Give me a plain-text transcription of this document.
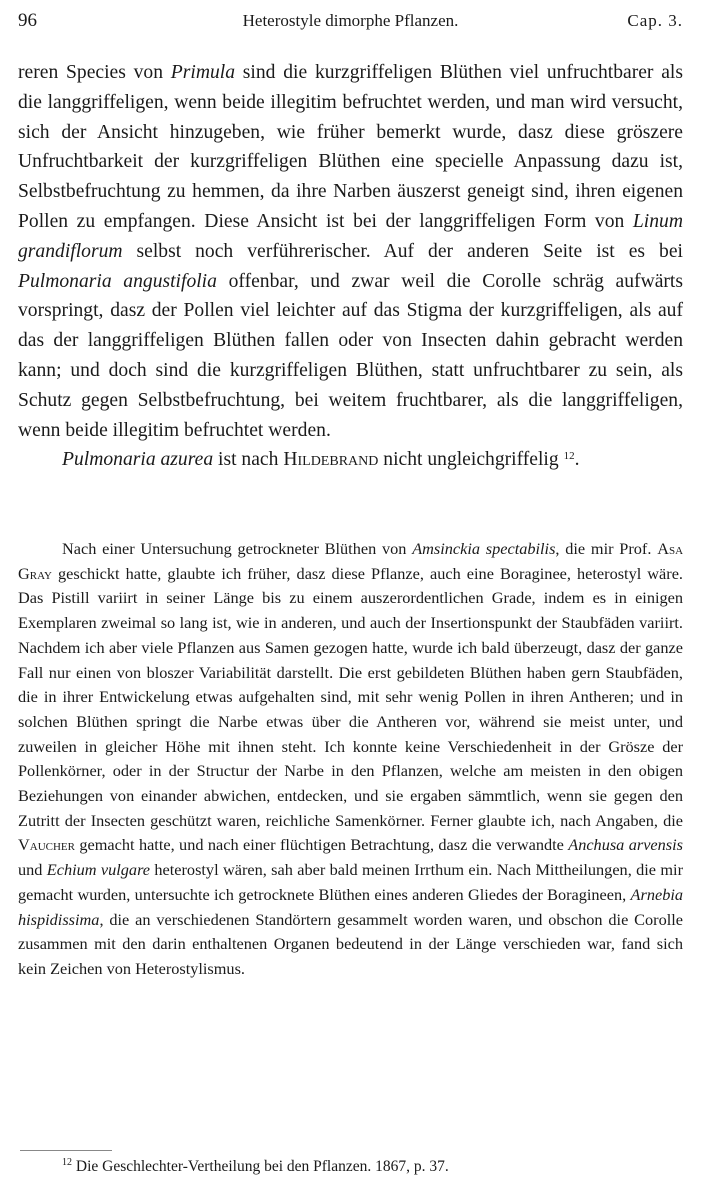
96	Heterostyle dimorphe Pflanzen.	Cap. 3.

reren Species von Primula sind die kurzgriffeligen Blüthen viel unfruchtbarer als die langgriffeligen, wenn beide illegitim befruchtet werden, und man wird versucht, sich der Ansicht hinzugeben, wie früher bemerkt wurde, dasz diese gröszere Unfruchtbarkeit der kurzgriffeligen Blüthen eine specielle Anpassung dazu ist, Selbstbefruchtung zu hemmen, da ihre Narben äuszerst geneigt sind, ihren eigenen Pollen zu empfangen. Diese Ansicht ist bei der langgriffeligen Form von Linum grandiflorum selbst noch verführerischer. Auf der anderen Seite ist es bei Pulmonaria angustifolia offenbar, und zwar weil die Corolle schräg aufwärts vorspringt, dasz der Pollen viel leichter auf das Stigma der kurzgriffeligen, als auf das der langgriffeligen Blüthen fallen oder von Insecten dahin gebracht werden kann; und doch sind die kurzgriffeligen Blüthen, statt unfruchtbarer zu sein, als Schutz gegen Selbstbefruchtung, bei weitem fruchtbarer, als die langgriffeligen, wenn beide illegitim befruchtet werden.

Pulmonaria azurea ist nach Hildebrand nicht ungleichgriffelig $^{12}$.

Nach einer Untersuchung getrockneter Blüthen von Amsinckia spectabilis, die mir Prof. Asa Gray geschickt hatte, glaubte ich früher, dasz diese Pflanze, auch eine Boraginee, heterostyl wäre. Das Pistill variirt in seiner Länge bis zu einem auszerordentlichen Grade, indem es in einigen Exemplaren zweimal so lang ist, wie in anderen, und auch der Insertionspunkt der Staubfäden variirt. Nachdem ich aber viele Pflanzen aus Samen gezogen hatte, wurde ich bald überzeugt, dasz der ganze Fall nur einen von bloszer Variabilität darstellt. Die erst gebildeten Blüthen haben gern Staubfäden, die in ihrer Entwickelung etwas aufgehalten sind, mit sehr wenig Pollen in ihren Antheren; und in solchen Blüthen springt die Narbe etwas über die Antheren vor, während sie meist unter, und zuweilen in gleicher Höhe mit ihnen steht. Ich konnte keine Verschiedenheit in der Grösze der Pollenkörner, oder in der Structur der Narbe in den Pflanzen, welche am meisten in den obigen Beziehungen von einander abwichen, entdecken, und sie ergaben sämmtlich, wenn sie gegen den Zutritt der Insecten geschützt waren, reichliche Samenkörner. Ferner glaubte ich, nach Angaben, die Vaucher gemacht hatte, und nach einer flüchtigen Betrachtung, dasz die verwandte Anchusa arvensis und Echium vulgare heterostyl wären, sah aber bald meinen Irrthum ein. Nach Mittheilungen, die mir gemacht wurden, untersuchte ich getrocknete Blüthen eines anderen Gliedes der Boragineen, Arnebia hispidissima, die an verschiedenen Standörtern gesammelt worden waren, und obschon die Corolle zusammen mit den darin enthaltenen Organen bedeutend in der Länge verschieden war, fand sich kein Zeichen von Heterostylismus.

$^{12}$ Die Geschlechter-Vertheilung bei den Pflanzen. 1867, p. 37.
